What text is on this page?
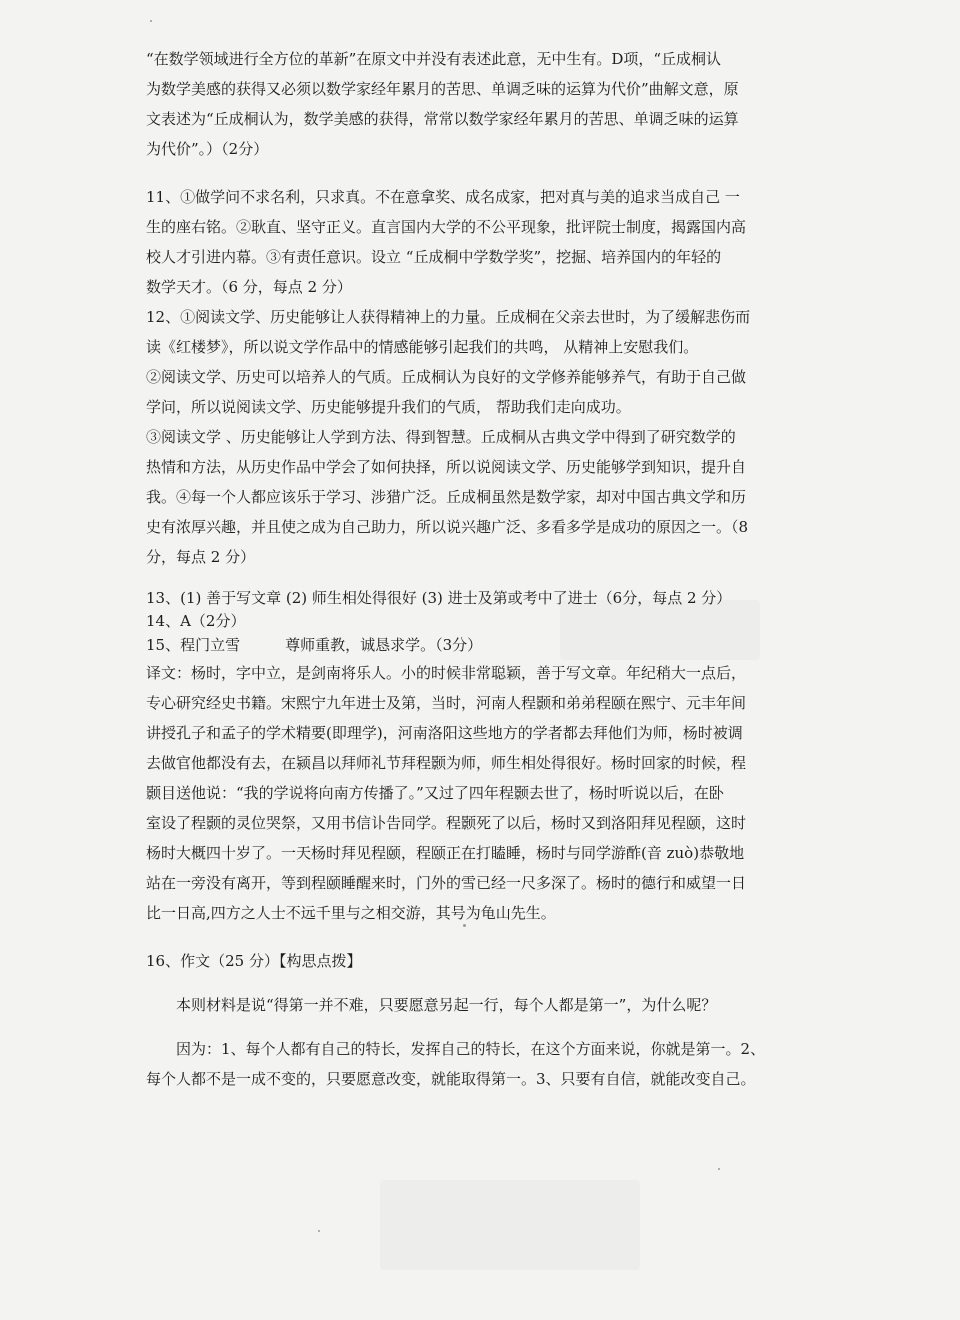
“在数学领域进行全方位的革新”在原文中并没有表述此意，无中生有。D项，“丘成桐认
为数学美感的获得又必须以数学家经年累月的苦思、单调乏味的运算为代价”曲解文意，原
文表述为“丘成桐认为，数学美感的获得，常常以数学家经年累月的苦思、单调乏味的运算
为代价”。）（2分）
11、①做学问不求名利，只求真。不在意拿奖、成名成家，把对真与美的追求当成自己 一
生的座右铭。②耿直、坚守正义。直言国内大学的不公平现象，批评院士制度，揭露国内高
校人才引进内幕。③有责任意识。设立 “丘成桐中学数学奖”，挖掘、培养国内的年轻的
数学天才。（6 分，每点 2 分）
12、①阅读文学、历史能够让人获得精神上的力量。丘成桐在父亲去世时，为了缓解悲伤而
读《红楼梦》，所以说文学作品中的情感能够引起我们的共鸣， 从精神上安慰我们。
②阅读文学、历史可以培养人的气质。丘成桐认为良好的文学修养能够养气，有助于自己做
学问，所以说阅读文学、历史能够提升我们的气质， 帮助我们走向成功。
③阅读文学 、历史能够让人学到方法、得到智慧。丘成桐从古典文学中得到了研究数学的
热情和方法，从历史作品中学会了如何抉择，所以说阅读文学、历史能够学到知识，提升自
我。④每一个人都应该乐于学习、涉猎广泛。丘成桐虽然是数学家，却对中国古典文学和历
史有浓厚兴趣，并且使之成为自己助力，所以说兴趣广泛、多看多学是成功的原因之一。（8
分，每点 2 分）
13、(1) 善于写文章 (2) 师生相处得很好 (3) 进士及第或考中了进士（6分，每点 2 分）
14、A（2分）
15、程门立雪　　　尊师重教，诚恳求学。（3分）
译文：杨时，字中立，是剑南将乐人。小的时候非常聪颖，善于写文章。年纪稍大一点后，
专心研究经史书籍。宋熙宁九年进士及第，当时，河南人程颢和弟弟程颐在熙宁、元丰年间
讲授孔子和孟子的学术精要(即理学)，河南洛阳这些地方的学者都去拜他们为师，杨时被调
去做官他都没有去，在颍昌以拜师礼节拜程颢为师，师生相处得很好。杨时回家的时候，程
颢目送他说：“我的学说将向南方传播了。”又过了四年程颢去世了，杨时听说以后，在卧
室设了程颢的灵位哭祭，又用书信讣告同学。程颢死了以后，杨时又到洛阳拜见程颐，这时
杨时大概四十岁了。一天杨时拜见程颐，程颐正在打瞌睡，杨时与同学游酢(音 zuò)恭敬地
站在一旁没有离开，等到程颐睡醒来时，门外的雪已经一尺多深了。杨时的德行和威望一日
比一日高,四方之人士不远千里与之相交游，其号为龟山先生。
16、作文（25 分）【构思点拨】
本则材料是说“得第一并不难，只要愿意另起一行，每个人都是第一”，为什么呢？
因为：1、每个人都有自己的特长，发挥自己的特长，在这个方面来说，你就是第一。2、
每个人都不是一成不变的，只要愿意改变，就能取得第一。3、只要有自信，就能改变自己。
